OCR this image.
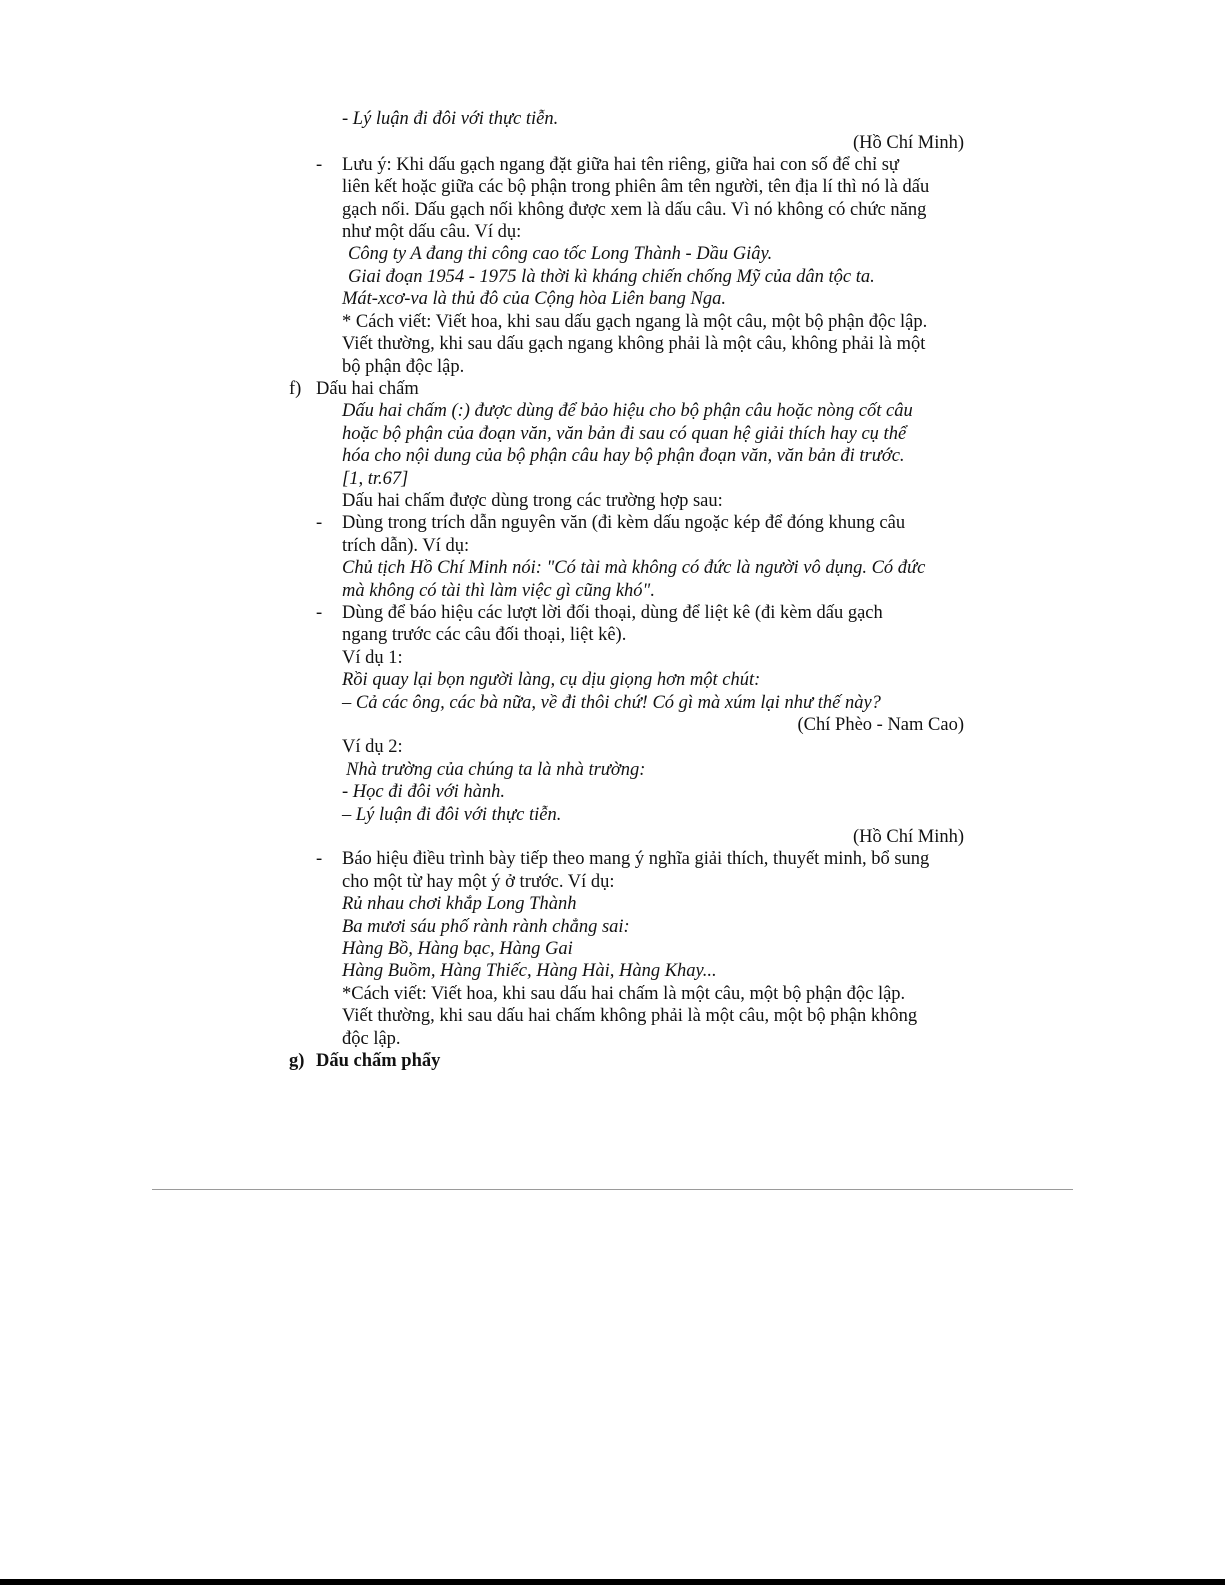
- Lý luận đi đôi với thực tiễn.
(Hồ Chí Minh)
- Lưu ý: Khi dấu gạch ngang đặt giữa hai tên riêng, giữa hai con số để chỉ sự
liên kết hoặc giữa các bộ phận trong phiên âm tên người, tên địa lí thì nó là dấu
gạch nối. Dấu gạch nối không được xem là dấu câu. Vì nó không có chức năng
như một dấu câu. Ví dụ:
Công ty A đang thi công cao tốc Long Thành - Dầu Giây.
Giai đoạn 1954 - 1975 là thời kì kháng chiến chống Mỹ của dân tộc ta.
Mát-xcơ-va là thủ đô của Cộng hòa Liên bang Nga.
* Cách viết: Viết hoa, khi sau dấu gạch ngang là một câu, một bộ phận độc lập.
Viết thường, khi sau dấu gạch ngang không phải là một câu, không phải là một
bộ phận độc lập.
f) Dấu hai chấm
Dấu hai chấm (:) được dùng để bảo hiệu cho bộ phận câu hoặc nòng cốt câu
hoặc bộ phận của đoạn văn, văn bản đi sau có quan hệ giải thích hay cụ thể
hóa cho nội dung của bộ phận câu hay bộ phận đoạn văn, văn bản đi trước.
[1, tr.67]
Dấu hai chấm được dùng trong các trường hợp sau:
- Dùng trong trích dẫn nguyên văn (đi kèm dấu ngoặc kép để đóng khung câu
trích dẫn). Ví dụ:
Chủ tịch Hồ Chí Minh nói: "Có tài mà không có đức là người vô dụng. Có đức
mà không có tài thì làm việc gì cũng khó".
- Dùng để báo hiệu các lượt lời đối thoại, dùng để liệt kê (đi kèm dấu gạch
ngang trước các câu đối thoại, liệt kê).
Ví dụ 1:
Rồi quay lại bọn người làng, cụ dịu giọng hơn một chút:
– Cả các ông, các bà nữa, về đi thôi chứ! Có gì mà xúm lại như thế này?
(Chí Phèo - Nam Cao)
Ví dụ 2:
Nhà trường của chúng ta là nhà trường:
- Học đi đôi với hành.
– Lý luận đi đôi với thực tiễn.
(Hồ Chí Minh)
- Báo hiệu điều trình bày tiếp theo mang ý nghĩa giải thích, thuyết minh, bổ sung
cho một từ hay một ý ở trước. Ví dụ:
Rủ nhau chơi khắp Long Thành
Ba mươi sáu phố rành rành chẳng sai:
Hàng Bồ, Hàng bạc, Hàng Gai
Hàng Buồm, Hàng Thiếc, Hàng Hài, Hàng Khay...
*Cách viết: Viết hoa, khi sau dấu hai chấm là một câu, một bộ phận độc lập.
Viết thường, khi sau dấu hai chấm không phải là một câu, một bộ phận không
độc lập.
g) Dấu chấm phẩy
